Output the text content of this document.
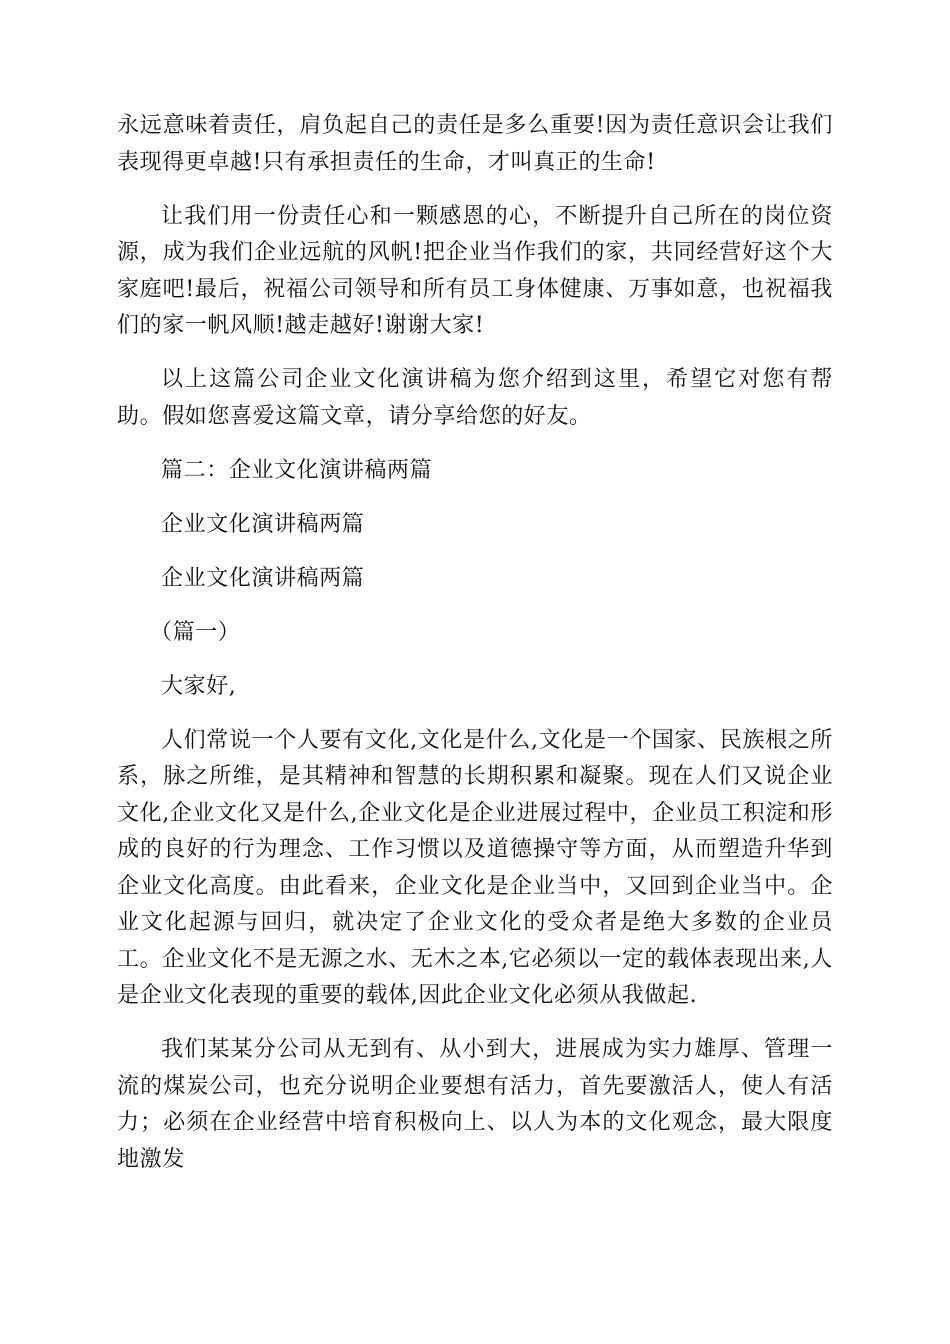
永远意味着责任，肩负起自己的责任是多么重要!因为责任意识会让我们表现得更卓越!只有承担责任的生命，才叫真正的生命!

让我们用一份责任心和一颗感恩的心，不断提升自己所在的岗位资源，成为我们企业远航的风帆!把企业当作我们的家，共同经营好这个大家庭吧!最后，祝福公司领导和所有员工身体健康、万事如意，也祝福我们的家一帆风顺!越走越好!谢谢大家!

以上这篇公司企业文化演讲稿为您介绍到这里，希望它对您有帮助。假如您喜爱这篇文章，请分享给您的好友。

篇二：企业文化演讲稿两篇

企业文化演讲稿两篇

企业文化演讲稿两篇

（篇一）

大家好,

人们常说一个人要有文化,文化是什么,文化是一个国家、民族根之所系，脉之所维，是其精神和智慧的长期积累和凝聚。现在人们又说企业文化,企业文化又是什么,企业文化是企业进展过程中，企业员工积淀和形成的良好的行为理念、工作习惯以及道德操守等方面，从而塑造升华到企业文化高度。由此看来，企业文化是企业当中，又回到企业当中。企业文化起源与回归，就决定了企业文化的受众者是绝大多数的企业员工。企业文化不是无源之水、无木之本,它必须以一定的载体表现出来,人是企业文化表现的重要的载体,因此企业文化必须从我做起.

我们某某分公司从无到有、从小到大，进展成为实力雄厚、管理一流的煤炭公司，也充分说明企业要想有活力，首先要激活人，使人有活力；必须在企业经营中培育积极向上、以人为本的文化观念，最大限度地激发
